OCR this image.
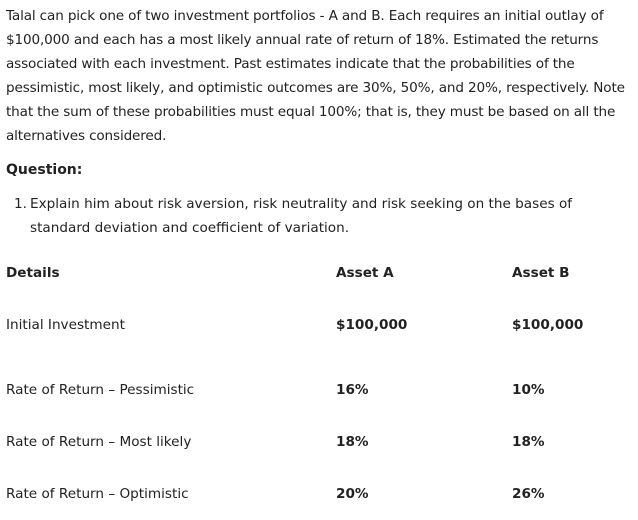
Talal can pick one of two investment portfolios - A and B. Each requires an initial outlay of $100,000 and each has a most likely annual rate of return of 18%. Estimated the returns associated with each investment. Past estimates indicate that the probabilities of the pessimistic, most likely, and optimistic outcomes are 30%, 50%, and 20%, respectively. Note that the sum of these probabilities must equal 100%; that is, they must be based on all the alternatives considered.

Question:
1. Explain him about risk aversion, risk neutrality and risk seeking on the bases of standard deviation and coefficient of variation.
Details	Asset A	Asset B
Initial Investment	$100,000	$100,000
Rate of Return – Pessimistic	16%	10%
Rate of Return – Most likely	18%	18%
Rate of Return – Optimistic	20%	26%
